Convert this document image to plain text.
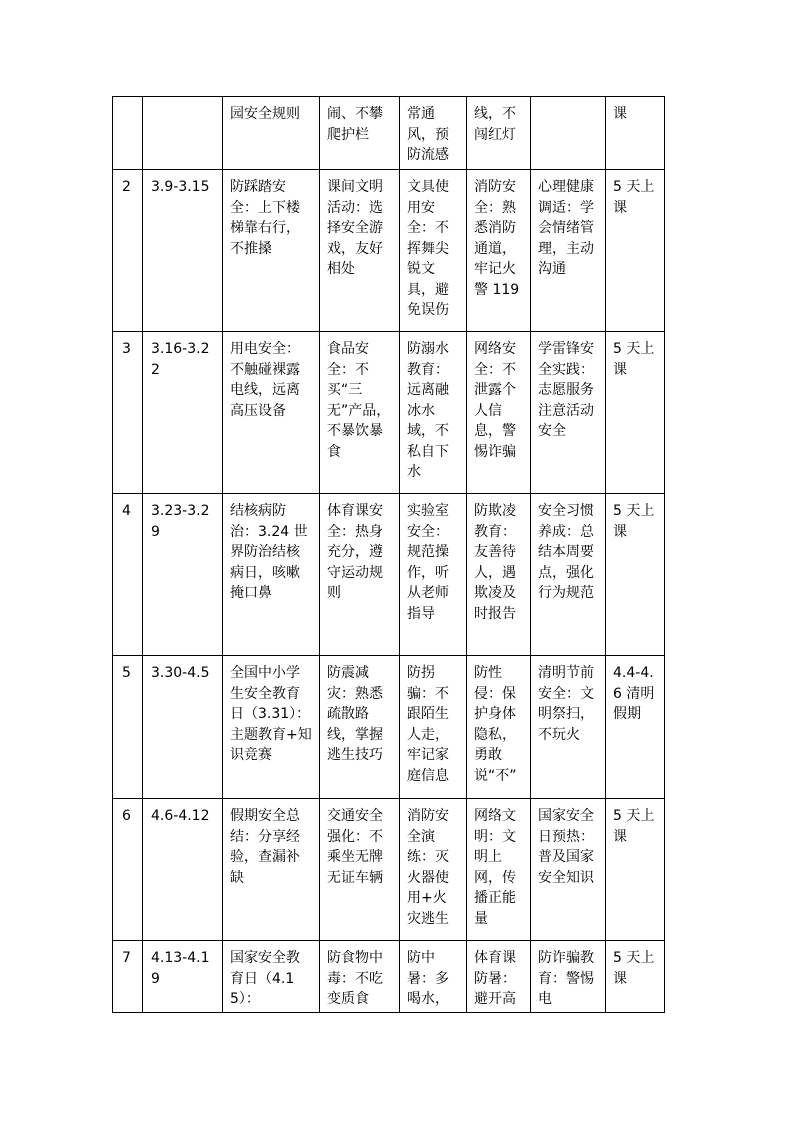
		园安全规则	闹、不攀爬护栏	常通风，预防流感	线，不闯红灯		课

2	3.9-3.15	防踩踏安全：上下楼梯靠右行，不推搡	课间文明活动：选择安全游戏，友好相处	文具使用安全：不挥舞尖锐文具，避免误伤	消防安全：熟悉消防通道，牢记火警 119	心理健康调适：学会情绪管理，主动沟通	5 天上课

3	3.16-3.22	用电安全：不触碰裸露电线，远离高压设备	食品安全：不买“三无”产品，不暴饮暴食	防溺水教育：远离融冰水域，不私自下水	网络安全：不泄露个人信息，警惕诈骗	学雷锋安全实践：志愿服务注意活动安全	5 天上课

4	3.23-3.29	结核病防治：3.24 世界防治结核病日，咳嗽掩口鼻	体育课安全：热身充分，遵守运动规则	实验室安全：规范操作，听从老师指导	防欺凌教育：友善待人，遇欺凌及时报告	安全习惯养成：总结本周要点，强化行为规范	5 天上课

5	3.30-4.5	全国中小学生安全教育日（3.31）：主题教育+知识竞赛	防震减灾：熟悉疏散路线，掌握逃生技巧	防拐骗：不跟陌生人走，牢记家庭信息	防性侵：保护身体隐私，勇敢说“不”	清明节前安全：文明祭扫，不玩火	4.4-4.6 清明假期

6	4.6-4.12	假期安全总结：分享经验，查漏补缺	交通安全强化：不乘坐无牌无证车辆	消防安全演练：灭火器使用+火灾逃生	网络文明：文明上网，传播正能量	国家安全日预热：普及国家安全知识	5 天上课

7	4.13-4.19	国家安全教育日（4.15）：	防食物中毒：不吃变质食	防中暑：多喝水，	体育课防暑：避开高	防诈骗教育：警惕电	5 天上课
